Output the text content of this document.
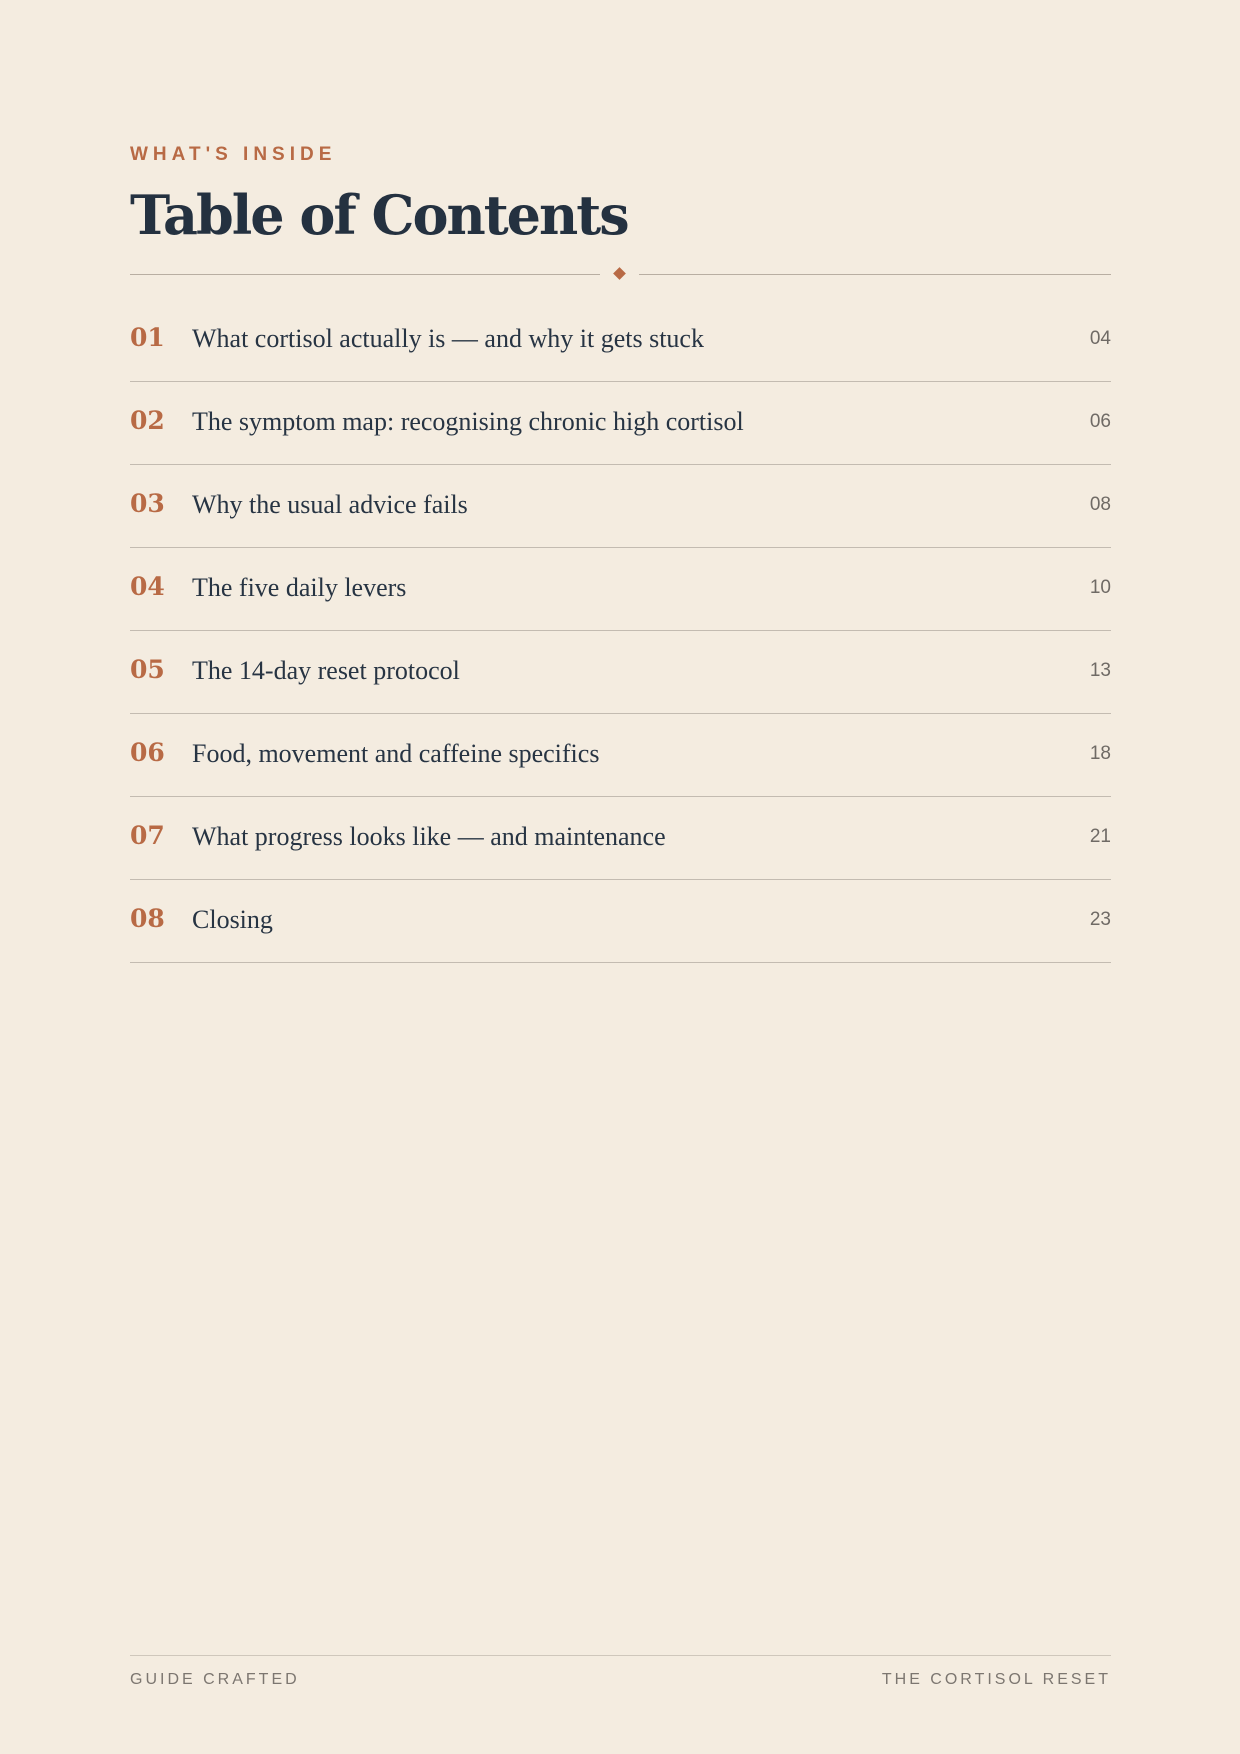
WHAT'S INSIDE

Table of Contents
01 What cortisol actually is — and why it gets stuck	04
02 The symptom map: recognising chronic high cortisol	06
03 Why the usual advice fails	08
04 The five daily levers	10
05 The 14-day reset protocol	13
06 Food, movement and caffeine specifics	18
07 What progress looks like — and maintenance	21
08 Closing	23
GUIDE CRAFTED	THE CORTISOL RESET
